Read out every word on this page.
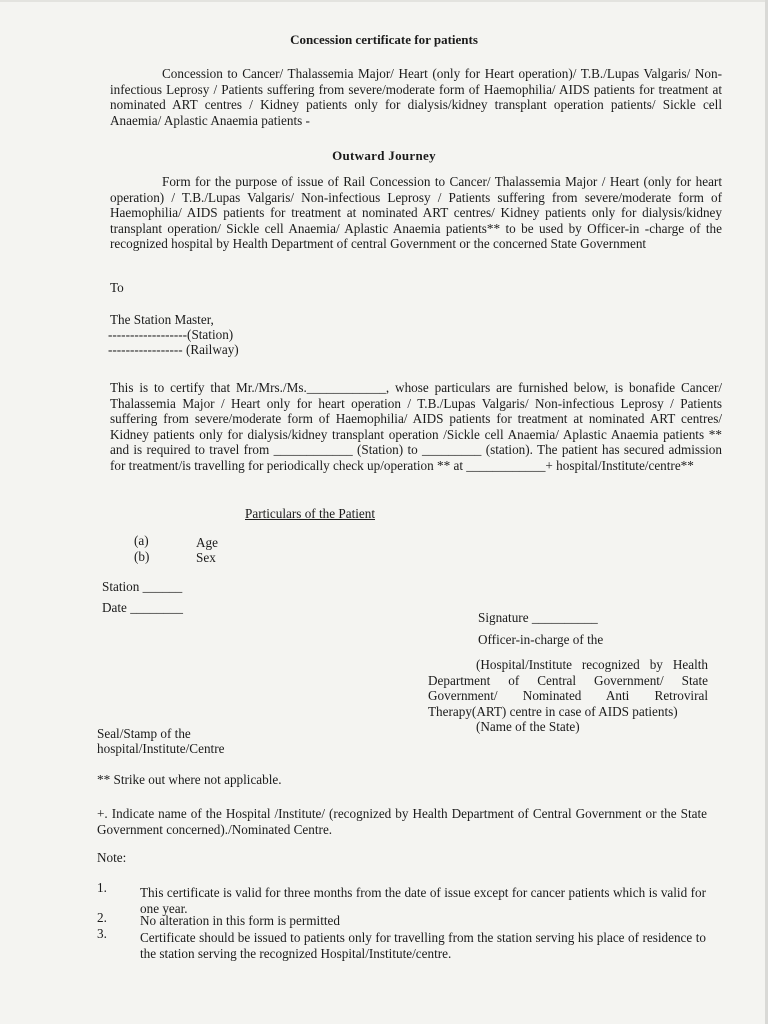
Concession certificate for patients
Concession to Cancer/ Thalassemia Major/ Heart (only for Heart operation)/ T.B./Lupas Valgaris/ Non-infectious Leprosy / Patients suffering from severe/moderate form of Haemophilia/ AIDS patients for treatment at nominated ART centres / Kidney patients only for dialysis/kidney transplant operation patients/ Sickle cell Anaemia/ Aplastic Anaemia patients -
Outward Journey
Form for the purpose of issue of Rail Concession to Cancer/ Thalassemia Major / Heart (only for heart operation) / T.B./Lupas Valgaris/ Non-infectious Leprosy / Patients suffering from severe/moderate form of Haemophilia/ AIDS patients for treatment at nominated ART centres/ Kidney patients only for dialysis/kidney transplant operation/ Sickle cell Anaemia/ Aplastic Anaemia patients** to be used by Officer-in -charge of the recognized hospital by Health Department of central Government or the concerned State Government
To
The Station Master,
------------------(Station)
----------------- (Railway)
This is to certify that Mr./Mrs./Ms.____________, whose particulars are furnished below, is bonafide Cancer/ Thalassemia Major / Heart only for heart operation / T.B./Lupas Valgaris/ Non-infectious Leprosy / Patients suffering from severe/moderate form of Haemophilia/ AIDS patients for treatment at nominated ART centres/ Kidney patients only for dialysis/kidney transplant operation /Sickle cell Anaemia/ Aplastic Anaemia patients ** and is required to travel from ____________ (Station) to _________ (station). The patient has secured admission for treatment/is travelling for periodically check up/operation ** at ____________+ hospital/Institute/centre**
Particulars of the Patient
(a)	Age
(b)	Sex
Station ______
Date ________
Signature __________
Officer-in-charge of the
(Hospital/Institute recognized by Health Department of Central Government/ State Government/ Nominated Anti Retroviral Therapy(ART) centre in case of AIDS patients)
(Name of the State)
Seal/Stamp of the
hospital/Institute/Centre
** Strike out where not applicable.
+. Indicate name of the Hospital /Institute/ (recognized by Health Department of Central Government or the State Government concerned)./Nominated Centre.
Note:
1.	This certificate is valid for three months from the date of issue except for cancer patients which is valid for one year.
2.	No alteration in this form is permitted
3.	Certificate should be issued to patients only for travelling from the station serving his place of residence to the station serving the recognized Hospital/Institute/centre.
